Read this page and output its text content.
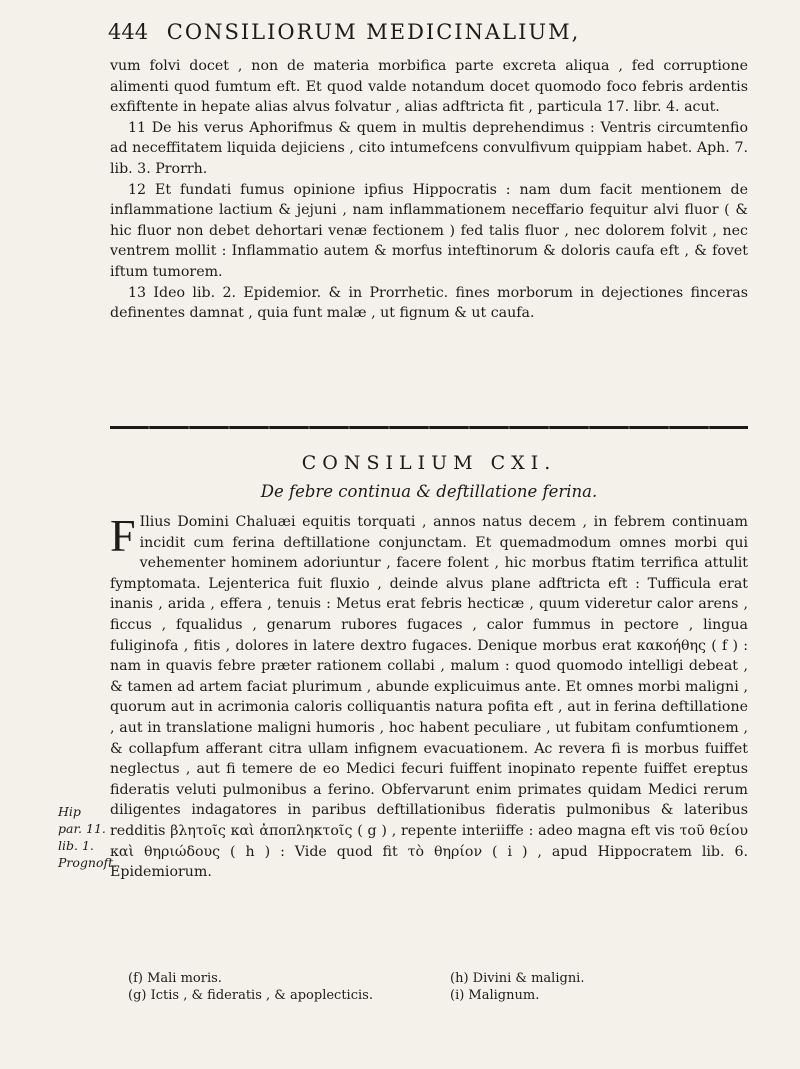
444 CONSILIORUM MEDICINALIUM,

vum folvi docet , non de materia morbifica parte excreta aliqua , fed corruptione alimenti quod fumtum eft. Et quod valde notandum docet quomodo foco febris ardentis exfiftente in hepate alias alvus folvatur , alias adftricta fit , particula 17. libr. 4. acut.

11 De his verus Aphorifmus & quem in multis deprehendimus : Ventris circumtenfio ad neceffitatem liquida dejiciens , cito intumefcens convulfivum quippiam habet. Aph. 7. lib. 3. Prorrh.

12 Et fundati fumus opinione ipfius Hippocratis : nam dum facit mentionem de inflammatione lactium & jejuni , nam inflammationem neceffario fequitur alvi fluor ( & hic fluor non debet dehortari venæ fectionem ) fed talis fluor , nec dolorem folvit , nec ventrem mollit : Inflammatio autem & morfus inteftinorum & doloris caufa eft , & fovet iftum tumorem.

13 Ideo lib. 2. Epidemior. & in Prorrhetic. fines morborum in dejectiones finceras definentes damnat , quia funt malæ , ut fignum & ut caufa.

CONSILIUM CXI.
De febre continua & deftillatione ferina.

F Ilius Domini Chaluæi equitis torquati , annos natus decem , in febrem continuam incidit cum ferina deftillatione conjunctam. Et quemadmodum omnes morbi qui vehementer hominem adoriuntur , facere folent , hic morbus ftatim terrifica attulit fymptomata. Lejenterica fuit fluxio , deinde alvus plane adftricta eft : Tufficula erat inanis , arida , effera , tenuis : Metus erat febris hecticæ , quum videretur calor arens , ficcus , fqualidus , genarum rubores fugaces , calor fummus in pectore , lingua fuliginofa , fitis , dolores in latere dextro fugaces. Denique morbus erat κακοήθης ( f ) : nam in quavis febre præter rationem collabi , malum : quod quomodo intelligi debeat , & tamen ad artem faciat plurimum , abunde explicuimus ante. Et omnes morbi maligni , quorum aut in acrimonia caloris colliquantis natura pofita eft , aut in ferina deftillatione , aut in translatione maligni humoris , hoc habent peculiare , ut fubitam confumtionem , & collapfum afferant citra ullam infignem evacuationem. Ac revera fi is morbus fuiffet neglectus , aut fi temere de eo Medici fecuri fuiffent inopinato repente fuiffet ereptus fideratis veluti pulmonibus a ferino. Obfervarunt enim primates quidam Medici rerum diligentes indagatores in paribus deftillationibus fideratis pulmonibus & lateribus redditis βλητοῖς καὶ ἀποπληκτοῖς ( g ) , repente interiiffe : adeo magna eft vis τοῦ θείου καὶ θηριώδους ( h ) : Vide quod fit τὸ θηρίον ( i ) , apud Hippocratem lib. 6. Epidemiorum.

Hip par. 11.
lib. 1. Prognoft.
(f) Mali moris.	(h) Divini & maligni.
(g) Ictis , & fideratis , & apoplecticis.	(i) Malignum.
